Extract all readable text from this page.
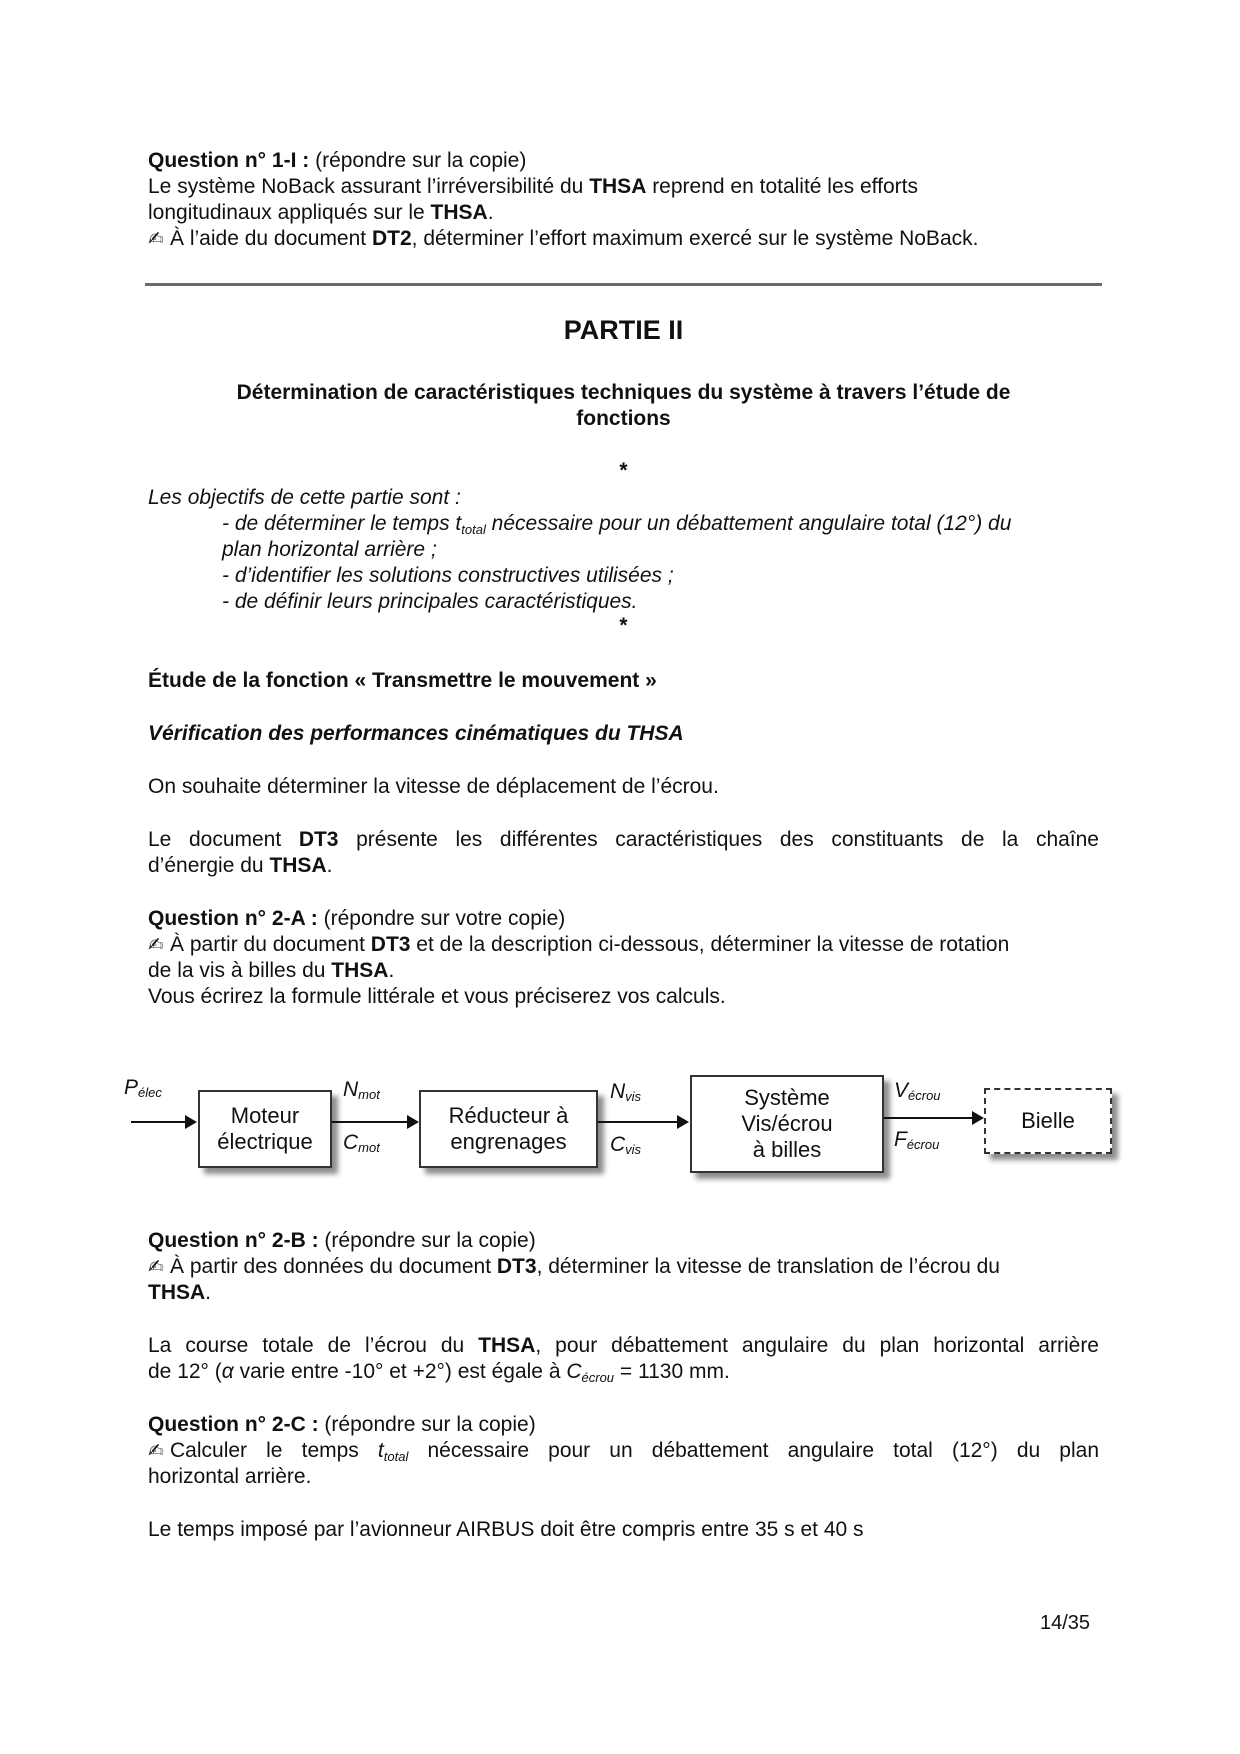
Question n° 1-I : (répondre sur la copie)
Le système NoBack assurant l’irréversibilité du THSA reprend en totalité les efforts
longitudinaux appliqués sur le THSA.
✍ À l’aide du document DT2, déterminer l’effort maximum exercé sur le système NoBack.
PARTIE II
Détermination de caractéristiques techniques du système à travers l’étude de
fonctions
*
Les objectifs de cette partie sont :
- de déterminer le temps $t_{total}$ nécessaire pour un débattement angulaire total (12°) du
plan horizontal arrière ;
- d’identifier les solutions constructives utilisées ;
- de définir leurs principales caractéristiques.
*
Étude de la fonction « Transmettre le mouvement »
Vérification des performances cinématiques du THSA
On souhaite déterminer la vitesse de déplacement de l’écrou.
Le document DT3 présente les différentes caractéristiques des constituants de la chaîne
d’énergie du THSA.
Question n° 2-A : (répondre sur votre copie)
✍ À partir du document DT3 et de la description ci-dessous, déterminer la vitesse de rotation
de la vis à billes du THSA.
Vous écrirez la formule littérale et vous préciserez vos calculs.
$P_{élec}$
Moteur
électrique
$N_{mot}$
$C_{mot}$
Réducteur à
engrenages
$N_{vis}$
$C_{vis}$
Système
Vis/écrou
à billes
$V_{écrou}$
$F_{écrou}$
Bielle
Question n° 2-B : (répondre sur la copie)
✍ À partir des données du document DT3, déterminer la vitesse de translation de l’écrou du
THSA.
La course totale de l’écrou du THSA, pour débattement angulaire du plan horizontal arrière
de 12° (α varie entre -10° et +2°) est égale à $C_{écrou} = 1130$ mm.
Question n° 2-C : (répondre sur la copie)
✍ Calculer le temps $t_{total}$ nécessaire pour un débattement angulaire total (12°) du plan
horizontal arrière.
Le temps imposé par l’avionneur AIRBUS doit être compris entre 35 s et 40 s
14/35
